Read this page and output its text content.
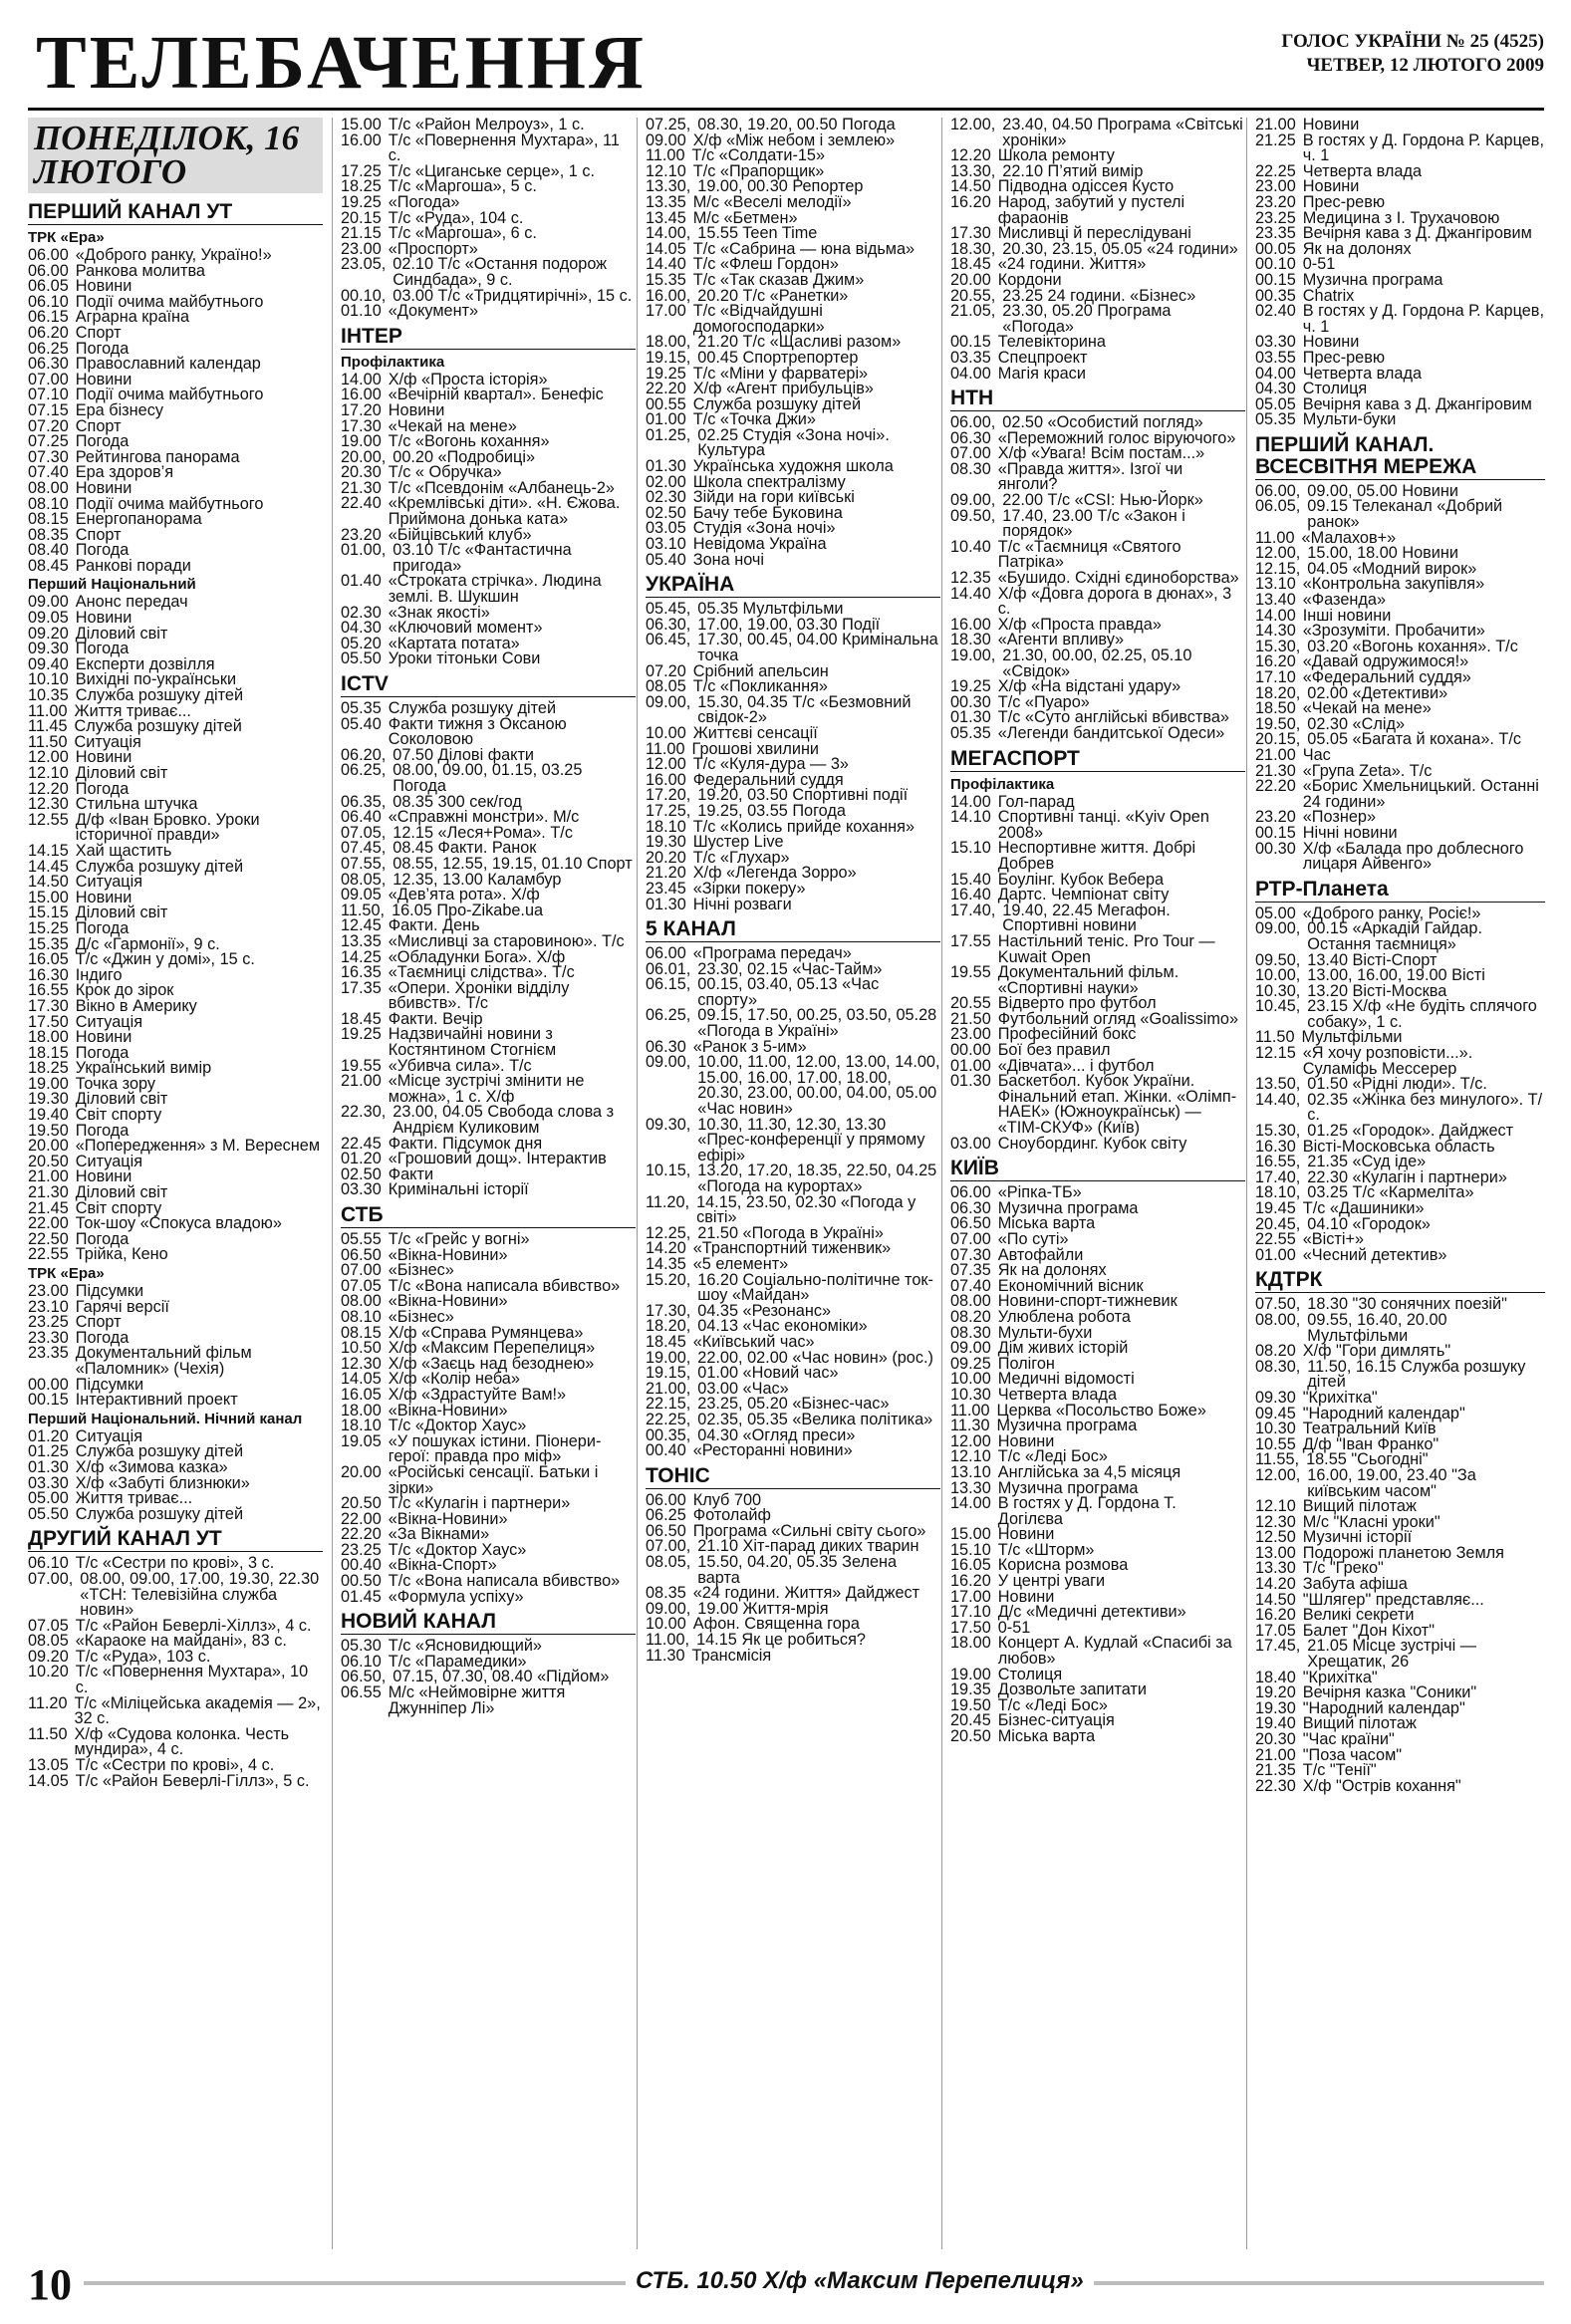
ТЕЛЕБАЧЕННЯ	ГОЛОС УКРАЇНИ № 25 (4525)
ЧЕТВЕР, 12 ЛЮТОГО 2009
ПОНЕДІЛОК, 16 ЛЮТОГО
ПЕРШИЙ КАНАЛ УТ
ТРК «Ера»
06.00 «Доброго ранку, Україно!»
06.00 Ранкова молитва
06.05 Новини
06.10 Події очима майбутнього
06.15 Аграрна країна
06.20 Спорт
06.25 Погода
06.30 Православний календар
07.00 Новини
07.10 Події очима майбутнього
07.15 Ера бізнесу
07.20 Спорт
07.25 Погода
07.30 Рейтингова панорама
07.40 Ера здоров’я
08.00 Новини
08.10 Події очима майбутнього
08.15 Енергопанорама
08.35 Спорт
08.40 Погода
08.45 Ранкові поради
Перший Національний
09.00 Анонс передач
09.05 Новини
09.20 Діловий світ
09.30 Погода
09.40 Експерти дозвілля
10.10 Вихідні по-українськи
10.35 Служба розшуку дітей
11.00 Життя триває...
11.45 Служба розшуку дітей
11.50 Ситуація
12.00 Новини
12.10 Діловий світ
12.20 Погода
12.30 Стильна штучка
12.55 Д/ф «Іван Бровко. Уроки історичної правди»
14.15 Хай щастить
14.45 Служба розшуку дітей
14.50 Ситуація
15.00 Новини
15.15 Діловий світ
15.25 Погода
15.35 Д/с «Гармонії», 9 с.
16.05 Т/с «Джин у домі», 15 с.
16.30 Індиго
16.55 Крок до зірок
17.30 Вікно в Америку
17.50 Ситуація
18.00 Новини
18.15 Погода
18.25 Український вимір
19.00 Точка зору
19.30 Діловий світ
19.40 Світ спорту
19.50 Погода
20.00 «Попередження» з М. Вереснем
20.50 Ситуація
21.00 Новини
21.30 Діловий світ
21.45 Світ спорту
22.00 Ток-шоу «Спокуса владою»
22.50 Погода
22.55 Трійка, Кено
ТРК «Ера»
23.00 Підсумки
23.10 Гарячі версії
23.25 Спорт
23.30 Погода
23.35 Документальний фільм «Паломник» (Чехія)
00.00 Підсумки
00.15 Інтерактивний проект
Перший Національний. Нічний канал
01.20 Ситуація
01.25 Служба розшуку дітей
01.30 Х/ф «Зимова казка»
03.30 Х/ф «Забуті близнюки»
05.00 Життя триває...
05.50 Служба розшуку дітей
ДРУГИЙ КАНАЛ УТ
06.10 Т/с «Сестри по крові», 3 с.
07.00, 08.00, 09.00, 17.00, 19.30, 22.30 «ТСН: Телевізійна служба новин»
07.05 Т/с «Район Беверлі-Хіллз», 4 с.
08.05 «Караоке на майдані», 83 с.
09.20 Т/с «Руда», 103 с.
10.20 Т/с «Повернення Мухтара», 10 с.
11.20 Т/с «Міліцейська академія — 2», 32 с.
11.50 Х/ф «Судова колонка. Честь мундира», 4 с.
13.05 Т/с «Сестри по крові», 4 с.
14.05 Т/с «Район Беверлі-Гіллз», 5 с.
15.00 Т/с «Район Мелроуз», 1 с.
16.00 Т/с «Повернення Мухтара», 11 с.
17.25 Т/с «Циганське серце», 1 с.
18.25 Т/с «Маргоша», 5 с.
19.25 «Погода»
20.15 Т/с «Руда», 104 с.
21.15 Т/с «Маргоша», 6 с.
23.00 «Проспорт»
23.05, 02.10 Т/с «Остання подорож Синдбада», 9 с.
00.10, 03.00 Т/с «Тридцятирічні», 15 с.
01.10 «Документ»
ІНТЕР
Профілактика
14.00 Х/ф «Проста історія»
16.00 «Вечірній квартал». Бенефіс
17.20 Новини
17.30 «Чекай на мене»
19.00 Т/с «Вогонь кохання»
20.00, 00.20 «Подробиці»
20.30 Т/с « Обручка»
21.30 Т/с «Псевдонім «Албанець-2»
22.40 «Кремлівські діти». «Н. Єжова. Приймона донька ката»
23.20 «Бійцівський клуб»
01.00, 03.10 Т/с «Фантастична пригода»
01.40 «Строката стрічка». Людина землі. В. Шукшин
02.30 «Знак якості»
04.30 «Ключовий момент»
05.20 «Картата потата»
05.50 Уроки тітоньки Сови
ICTV
05.35 Служба розшуку дітей
05.40 Факти тижня з Оксаною Соколовою
06.20, 07.50 Ділові факти
06.25, 08.00, 09.00, 01.15, 03.25 Погода
06.35, 08.35 300 сек/год
06.40 «Справжні монстри». М/с
07.05, 12.15 «Леся+Рома». Т/с
07.45, 08.45 Факти. Ранок
07.55, 08.55, 12.55, 19.15, 01.10 Спорт
08.05, 12.35, 13.00 Каламбур
09.05 «Дев’ята рота». Х/ф
11.50, 16.05 Про-Zikabe.ua
12.45 Факти. День
13.35 «Мисливці за старовиною». Т/с
14.25 «Обладунки Бога». Х/ф
16.35 «Таємниці слідства». Т/с
17.35 «Опери. Хроніки відділу вбивств». Т/с
18.45 Факти. Вечір
19.25 Надзвичайні новини з Костянтином Стогнієм
19.55 «Убивча сила». Т/с
21.00 «Місце зустрічі змінити не можна», 1 с. Х/ф
22.30, 23.00, 04.05 Свобода слова з Андрієм Куликовим
22.45 Факти. Підсумок дня
01.20 «Грошовий дощ». Інтерактив
02.50 Факти
03.30 Кримінальні історії
СТБ
05.55 Т/с «Грейс у вогні»
06.50 «Вікна-Новини»
07.00 «Бізнес»
07.05 Т/с «Вона написала вбивство»
08.00 «Вікна-Новини»
08.10 «Бізнес»
08.15 Х/ф «Справа Румянцева»
10.50 Х/ф «Максим Перепелиця»
12.30 Х/ф «Заєць над безоднею»
14.05 Х/ф «Колір неба»
16.05 Х/ф «Здрастуйте Вам!»
18.00 «Вікна-Новини»
18.10 Т/с «Доктор Хаус»
19.05 «У пошуках істини. Піонери-герої: правда про міф»
20.00 «Російські сенсації. Батьки і зірки»
20.50 Т/с «Кулагін і партнери»
22.00 «Вікна-Новини»
22.20 «За Вікнами»
23.25 Т/с «Доктор Хаус»
00.40 «Вікна-Спорт»
00.50 Т/с «Вона написала вбивство»
01.45 «Формула успіху»
НОВИЙ КАНАЛ
05.30 Т/с «Ясновидющий»
06.10 Т/с «Парамедики»
06.50, 07.15, 07.30, 08.40 «Підйом»
06.55 М/с «Неймовірне життя Джунніпер Лі»
07.25, 08.30, 19.20, 00.50 Погода
09.00 Х/ф «Між небом і землею»
11.00 Т/с «Солдати-15»
12.10 Т/с «Прапорщик»
13.30, 19.00, 00.30 Репортер
13.35 М/с «Веселі мелодії»
13.45 М/с «Бетмен»
14.00, 15.55 Teen Time
14.05 Т/с «Сабрина — юна відьма»
14.40 Т/с «Флеш Гордон»
15.35 Т/с «Так сказав Джим»
16.00, 20.20 Т/с «Ранетки»
17.00 Т/с «Відчайдушні домогосподарки»
18.00, 21.20 Т/с «Щасливі разом»
19.15, 00.45 Спортрепортер
19.25 Т/с «Міни у фарватері»
22.20 Х/ф «Агент прибульців»
00.55 Служба розшуку дітей
01.00 Т/с «Точка Джи»
01.25, 02.25 Студія «Зона ночі». Культура
01.30 Українська художня школа
02.00 Школа спектралізму
02.30 Зійди на гори київські
02.50 Бачу тебе Буковина
03.05 Студія «Зона ночі»
03.10 Невідома Україна
05.40 Зона ночі
УКРАЇНА
05.45, 05.35 Мультфільми
06.30, 17.00, 19.00, 03.30 Події
06.45, 17.30, 00.45, 04.00 Кримінальна точка
07.20 Срібний апельсин
08.05 Т/с «Покликання»
09.00, 15.30, 04.35 Т/с «Безмовний свідок-2»
10.00 Життєві сенсації
11.00 Грошові хвилини
12.00 Т/с «Куля-дура — 3»
16.00 Федеральний суддя
17.20, 19.20, 03.50 Спортивні події
17.25, 19.25, 03.55 Погода
18.10 Т/с «Колись прийде кохання»
19.30 Шустер Live
20.20 Т/с «Глухар»
21.20 Х/ф «Легенда Зорро»
23.45 «Зірки покеру»
01.30 Нічні розваги
5 КАНАЛ
06.00 «Програма передач»
06.01, 23.30, 02.15 «Час-Тайм»
06.15, 00.15, 03.40, 05.13 «Час спорту»
06.25, 09.15, 17.50, 00.25, 03.50, 05.28 «Погода в Україні»
06.30 «Ранок з 5-им»
09.00, 10.00, 11.00, 12.00, 13.00, 14.00, 15.00, 16.00, 17.00, 18.00, 20.30, 23.00, 00.00, 04.00, 05.00 «Час новин»
09.30, 10.30, 11.30, 12.30, 13.30 «Прес-конференції у прямому ефірі»
10.15, 13.20, 17.20, 18.35, 22.50, 04.25 «Погода на курортах»
11.20, 14.15, 23.50, 02.30 «Погода у світі»
12.25, 21.50 «Погода в Україні»
14.20 «Транспортний тиженвик»
14.35 «5 елемент»
15.20, 16.20 Соціально-політичне ток-шоу «Майдан»
17.30, 04.35 «Резонанс»
18.20, 04.13 «Час економіки»
18.45 «Київський час»
19.00, 22.00, 02.00 «Час новин» (рос.)
19.15, 01.00 «Новий час»
21.00, 03.00 «Час»
22.15, 23.25, 05.20 «Бізнес-час»
22.25, 02.35, 05.35 «Велика політика»
00.35, 04.30 «Огляд преси»
00.40 «Ресторанні новини»
ТОНІС
06.00 Клуб 700
06.25 Фотолайф
06.50 Програма «Сильні світу сього»
07.00, 21.10 Хіт-парад диких тварин
08.05, 15.50, 04.20, 05.35 Зелена варта
08.35 «24 години. Життя» Дайджест
09.00, 19.00 Життя-мрія
10.00 Афон. Священна гора
11.00, 14.15 Як це робиться?
11.30 Трансмісія
12.00, 23.40, 04.50 Програма «Світські хроніки»
12.20 Школа ремонту
13.30, 22.10 П’ятий вимір
14.50 Підводна одіссея Кусто
16.20 Народ, забутий у пустелі фараонів
17.30 Мисливці й переслідувані
18.30, 20.30, 23.15, 05.05 «24 години»
18.45 «24 години. Життя»
20.00 Кордони
20.55, 23.25 24 години. «Бізнес»
21.05, 23.30, 05.20 Програма «Погода»
00.15 Телевікторина
03.35 Спецпроект
04.00 Магія краси
НТН
06.00, 02.50 «Особистий погляд»
06.30 «Переможний голос віруючого»
07.00 Х/ф «Увага! Всім постам...»
08.30 «Правда життя». Ізгої чи янголи?
09.00, 22.00 Т/с «CSI: Нью-Йорк»
09.50, 17.40, 23.00 Т/с «Закон і порядок»
10.40 Т/с «Таємниця «Святого Патріка»
12.35 «Бушидо. Східні єдиноборства»
14.40 Х/ф «Довга дорога в дюнах», 3 с.
16.00 Х/ф «Проста правда»
18.30 «Агенти впливу»
19.00, 21.30, 00.00, 02.25, 05.10 «Свідок»
19.25 Х/ф «На відстані удару»
00.30 Т/с «Пуаро»
01.30 Т/с «Суто англійські вбивства»
05.35 «Легенди бандитської Одеси»
МЕГАСПОРТ
Профілактика
14.00 Гол-парад
14.10 Спортивні танці. «Kyiv Open 2008»
15.10 Неспортивне життя. Добрі Добрев
15.40 Боулінг. Кубок Вебера
16.40 Дартс. Чемпіонат світу
17.40, 19.40, 22.45 Мегафон. Спортивні новини
17.55 Настільний теніс. Pro Tour — Kuwait Open
19.55 Документальний фільм. «Спортивні науки»
20.55 Відверто про футбол
21.50 Футбольний огляд «Goalissimo»
23.00 Професійний бокс
00.00 Бої без правил
01.00 «Дівчата»... і футбол
01.30 Баскетбол. Кубок України. Фінальний етап. Жінки. «Олімп-НАЕК» (Южноукраїнськ) — «ТІМ-СКУФ» (Київ)
03.00 Сноубординг. Кубок світу
КИЇВ
06.00 «Ріпка-ТБ»
06.30 Музична програма
06.50 Міська варта
07.00 «По суті»
07.30 Автофайли
07.35 Як на долонях
07.40 Економічний вісник
08.00 Новини-спорт-тижневик
08.20 Улюблена робота
08.30 Мульти-бухи
09.00 Дім живих історій
09.25 Полігон
10.00 Медичні відомості
10.30 Четверта влада
11.00 Церква «Посольство Боже»
11.30 Музична програма
12.00 Новини
12.10 Т/с «Леді Бос»
13.10 Англійська за 4,5 місяця
13.30 Музична програма
14.00 В гостях у Д. Гордона Т. Догілєва
15.00 Новини
15.10 Т/с «Шторм»
16.05 Корисна розмова
16.20 У центрі уваги
17.00 Новини
17.10 Д/с «Медичні детективи»
17.50 0-51
18.00 Концерт А. Кудлай «Спасибі за любов»
19.00 Столиця
19.35 Дозвольте запитати
19.50 Т/с «Леді Бос»
20.45 Бізнес-ситуація
20.50 Міська варта
21.00 Новини
21.25 В гостях у Д. Гордона Р. Карцев, ч. 1
22.25 Четверта влада
23.00 Новини
23.20 Прес-ревю
23.25 Медицина з І. Трухачовою
23.35 Вечірня кава з Д. Джангіровим
00.05 Як на долонях
00.10 0-51
00.15 Музична програма
00.35 Chatrix
02.40 В гостях у Д. Гордона Р. Карцев, ч. 1
03.30 Новини
03.55 Прес-ревю
04.00 Четверта влада
04.30 Столиця
05.05 Вечірня кава з Д. Джангіровим
05.35 Мульти-буки
ПЕРШИЙ КАНАЛ. ВСЕСВІТНЯ МЕРЕЖА
06.00, 09.00, 05.00 Новини
06.05, 09.15 Телеканал «Добрий ранок»
11.00 «Малахов+»
12.00, 15.00, 18.00 Новини
12.15, 04.05 «Модний вирок»
13.10 «Контрольна закупівля»
13.40 «Фазенда»
14.00 Інші новини
14.30 «Зрозуміти. Пробачити»
15.30, 03.20 «Вогонь кохання». Т/с
16.20 «Давай одружимося!»
17.10 «Федеральний суддя»
18.20, 02.00 «Детективи»
18.50 «Чекай на мене»
19.50, 02.30 «Слід»
20.15, 05.05 «Багата й кохана». Т/с
21.00 Час
21.30 «Група Zeta». Т/с
22.20 «Борис Хмельницький. Останні 24 години»
23.20 «Познер»
00.15 Нічні новини
00.30 Х/ф «Балада про доблесного лицаря Айвенго»
РТР-Планета
05.00 «Доброго ранку, Росіє!»
09.00, 00.15 «Аркадій Гайдар. Остання таємниця»
09.50, 13.40 Вісті-Спорт
10.00, 13.00, 16.00, 19.00 Вісті
10.30, 13.20 Вісті-Москва
10.45, 23.15 Х/ф «Не будіть сплячого собаку», 1 с.
11.50 Мультфільми
12.15 «Я хочу розповісти...». Суламіфь Мессерер
13.50, 01.50 «Рідні люди». Т/с.
14.40, 02.35 «Жінка без минулого». Т/с.
15.30, 01.25 «Городок». Дайджест
16.30 Вісті-Московська область
16.55, 21.35 «Суд іде»
17.40, 22.30 «Кулагін і партнери»
18.10, 03.25 Т/с «Кармеліта»
19.45 Т/с «Дашиники»
20.45, 04.10 «Городок»
22.55 «Вісті+»
01.00 «Чесний детектив»
КДТРК
07.50, 18.30 "30 сонячних поезій"
08.00, 09.55, 16.40, 20.00 Мультфільми
08.20 Х/ф "Гори димлять"
08.30, 11.50, 16.15 Служба розшуку дітей
09.30 "Крихітка"
09.45 "Народний календар"
10.30 Театральний Київ
10.55 Д/ф "Іван Франко"
11.55, 18.55 "Сьогодні"
12.00, 16.00, 19.00, 23.40 "За київським часом"
12.10 Вищий пілотаж
12.30 М/с "Класні уроки"
12.50 Музичні історії
13.00 Подорожі планетою Земля
13.30 Т/с "Греко"
14.20 Забута афіша
14.50 "Шлягер" представляє...
16.20 Великі секрети
17.05 Балет "Дон Кіхот"
17.45, 21.05 Місце зустрічі — Хрещатик, 26
18.40 "Крихітка"
19.20 Вечірня казка "Соники"
19.30 "Народний календар"
19.40 Вищий пілотаж
20.30 "Час країни"
21.00 "Поза часом"
21.35 Т/с "Тенії"
22.30 Х/ф "Острів кохання"
10	СТБ. 10.50 Х/ф «Максим Перепелиця»
